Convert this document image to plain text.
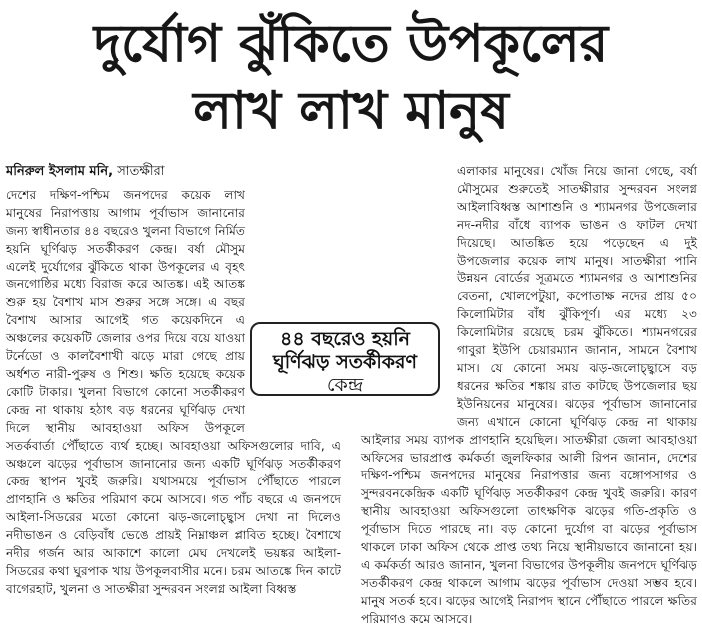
দুর্যোগ ঝুঁকিতে উপকূলের
লাখ লাখ মানুষ
মনিরুল ইসলাম মনি, সাতক্ষীরা

দেশের দক্ষিণ-পশ্চিম জনপদের কয়েক লাখ মানুষের নিরাপত্তায় আগাম পূর্বাভাস জানানোর জন্য স্বাধীনতার ৪৪ বছরেও খুলনা বিভাগে নির্মিত হয়নি ঘূর্ণিঝড় সতর্কীকরণ কেন্দ্র। বর্ষা মৌসুম এলেই দুর্যোগের ঝুঁকিতে থাকা উপকূলের এ বৃহৎ জনগোষ্ঠির মধ্যে বিরাজ করে আতঙ্ক। এই আতঙ্ক শুরু হয় বৈশাখ মাস শুরুর সঙ্গে সঙ্গে। এ বছর বৈশাখ আসার আগেই গত কয়েকদিনে এ অঞ্চলের কয়েকটি জেলার ওপর দিয়ে বয়ে যাওয়া টর্নেডো ও কালবৈশাখী ঝড়ে মারা গেছে প্রায় অর্ধশত নারী-পুরুষ ও শিশু। ক্ষতি হয়েছে কয়েক কোটি টাকার। খুলনা বিভাগে কোনো সতর্কীকরণ কেন্দ্র না থাকায় হঠাৎ বড় ধরনের ঘূর্ণিঝড় দেখা দিলে স্থানীয় আবহাওয়া অফিস উপকূলে সতর্কবার্তা পৌঁছাতে ব্যর্থ হচ্ছে। আবহাওয়া অফিসগুলোর দাবি, এ অঞ্চলে ঝড়ের পূর্বাভাস জানানোর জন্য একটি ঘূর্ণিঝড় সতর্কীকরণ কেন্দ্র স্থাপন খুবই জরুরি। যথাসময়ে পূর্বাভাস পৌঁছাতে পারলে প্রাণহানি ও ক্ষতির পরিমাণ কমে আসবে। গত পাঁচ বছরে এ জনপদে আইলা-সিডরের মতো কোনো ঝড়-জলোচ্ছ্বাস দেখা না দিলেও নদীভাঙন ও বেড়িবাঁধ ভেঙে প্রায়ই নিম্নাঞ্চল প্লাবিত হচ্ছে। বৈশাখে নদীর গর্জন আর আকাশে কালো মেঘ দেখলেই ভয়ঙ্কর আইলা-সিডরের কথা ঘুরপাক খায় উপকূলবাসীর মনে। চরম আতঙ্কে দিন কাটে বাগেরহাট, খুলনা ও সাতক্ষীরা সুন্দরবন সংলগ্ন আইলা বিধ্বস্ত

এলাকার মানুষের। খোঁজ নিয়ে জানা গেছে, বর্ষা মৌসুমের শুরুতেই সাতক্ষীরার সুন্দরবন সংলগ্ন আইলাবিধ্বস্ত আশাশুনি ও শ্যামনগর উপজেলার নদ-নদীর বাঁধে ব্যাপক ভাঙন ও ফাটল দেখা দিয়েছে। আতঙ্কিত হয়ে পড়েছেন এ দুই উপজেলার কয়েক লাখ মানুষ। সাতক্ষীরা পানি উন্নয়ন বোর্ডের সূত্রমতে শ্যামনগর ও আশাশুনির বেতনা, খোলপেটুয়া, কপোতাক্ষ নদের প্রায় ৫০ কিলোমিটার বাঁধ ঝুঁকিপূর্ণ। এর মধ্যে ২৩ কিলোমিটার রয়েছে চরম ঝুঁকিতে। শ্যামনগরের গাবুরা ইউপি চেয়ারম্যান জানান, সামনে বৈশাখ মাস। যে কোনো সময় ঝড়-জলোচ্ছ্বাসে বড় ধরনের ক্ষতির শঙ্কায় রাত কাটছে উপজেলার ছয় ইউনিয়নের মানুষের। ঝড়ের পূর্বাভাস জানানোর জন্য এখানে কোনো ঘূর্ণিঝড় কেন্দ্র না থাকায় আইলার সময় ব্যাপক প্রাণহানি হয়েছিল। সাতক্ষীরা জেলা আবহাওয়া অফিসের ভারপ্রাপ্ত কর্মকর্তা জুলফিকার আলী রিপন জানান, দেশের দক্ষিণ-পশ্চিম জনপদের মানুষের নিরাপত্তার জন্য বঙ্গোপসাগর ও সুন্দরবনকেন্দ্রিক একটি ঘূর্ণিঝড় সতর্কীকরণ কেন্দ্র খুবই জরুরি। কারণ স্থানীয় আবহাওয়া অফিসগুলো তাৎক্ষণিক ঝড়ের গতি-প্রকৃতি ও পূর্বাভাস দিতে পারছে না। বড় কোনো দুর্যোগ বা ঝড়ের পূর্বাভাস থাকলে ঢাকা অফিস থেকে প্রাপ্ত তথ্য নিয়ে স্থানীয়ভাবে জানানো হয়। এ কর্মকর্তা আরও জানান, খুলনা বিভাগের উপকূলীয় জনপদে ঘূর্ণিঝড় সতর্কীকরণ কেন্দ্র থাকলে আগাম ঝড়ের পূর্বাভাস দেওয়া সম্ভব হবে। মানুষ সতর্ক হবে। ঝড়ের আগেই নিরাপদ স্থানে পৌঁছাতে পারলে ক্ষতির পরিমাণও কমে আসবে।

৪৪ বছরেও হয়নি
ঘূর্ণিঝড় সতর্কীকরণ
কেন্দ্র
